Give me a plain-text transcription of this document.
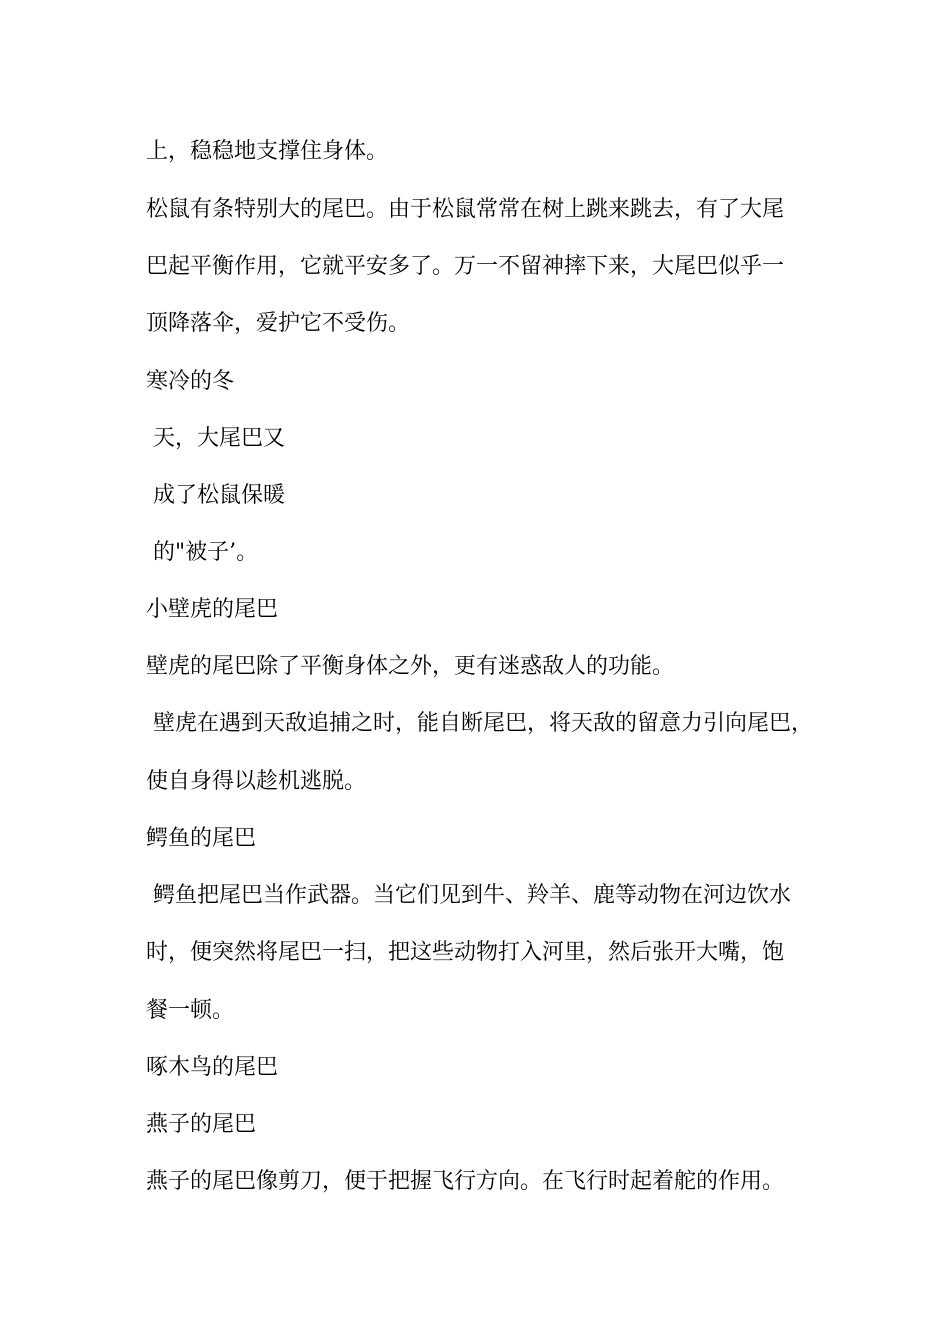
上，稳稳地支撑住身体。

松鼠有条特别大的尾巴。由于松鼠常常在树上跳来跳去，有了大尾

巴起平衡作用，它就平安多了。万一不留神摔下来，大尾巴似乎一

顶降落伞，爱护它不受伤。

寒冷的冬

天，大尾巴又

成了松鼠保暖

的"被子’。

小壁虎的尾巴

壁虎的尾巴除了平衡身体之外，更有迷惑敌人的功能。

壁虎在遇到天敌追捕之时，能自断尾巴，将天敌的留意力引向尾巴，

使自身得以趁机逃脱。

鳄鱼的尾巴

鳄鱼把尾巴当作武器。当它们见到牛、羚羊、鹿等动物在河边饮水

时，便突然将尾巴一扫，把这些动物打入河里，然后张开大嘴，饱

餐一顿。

啄木鸟的尾巴

燕子的尾巴

燕子的尾巴像剪刀，便于把握飞行方向。在飞行时起着舵的作用。
